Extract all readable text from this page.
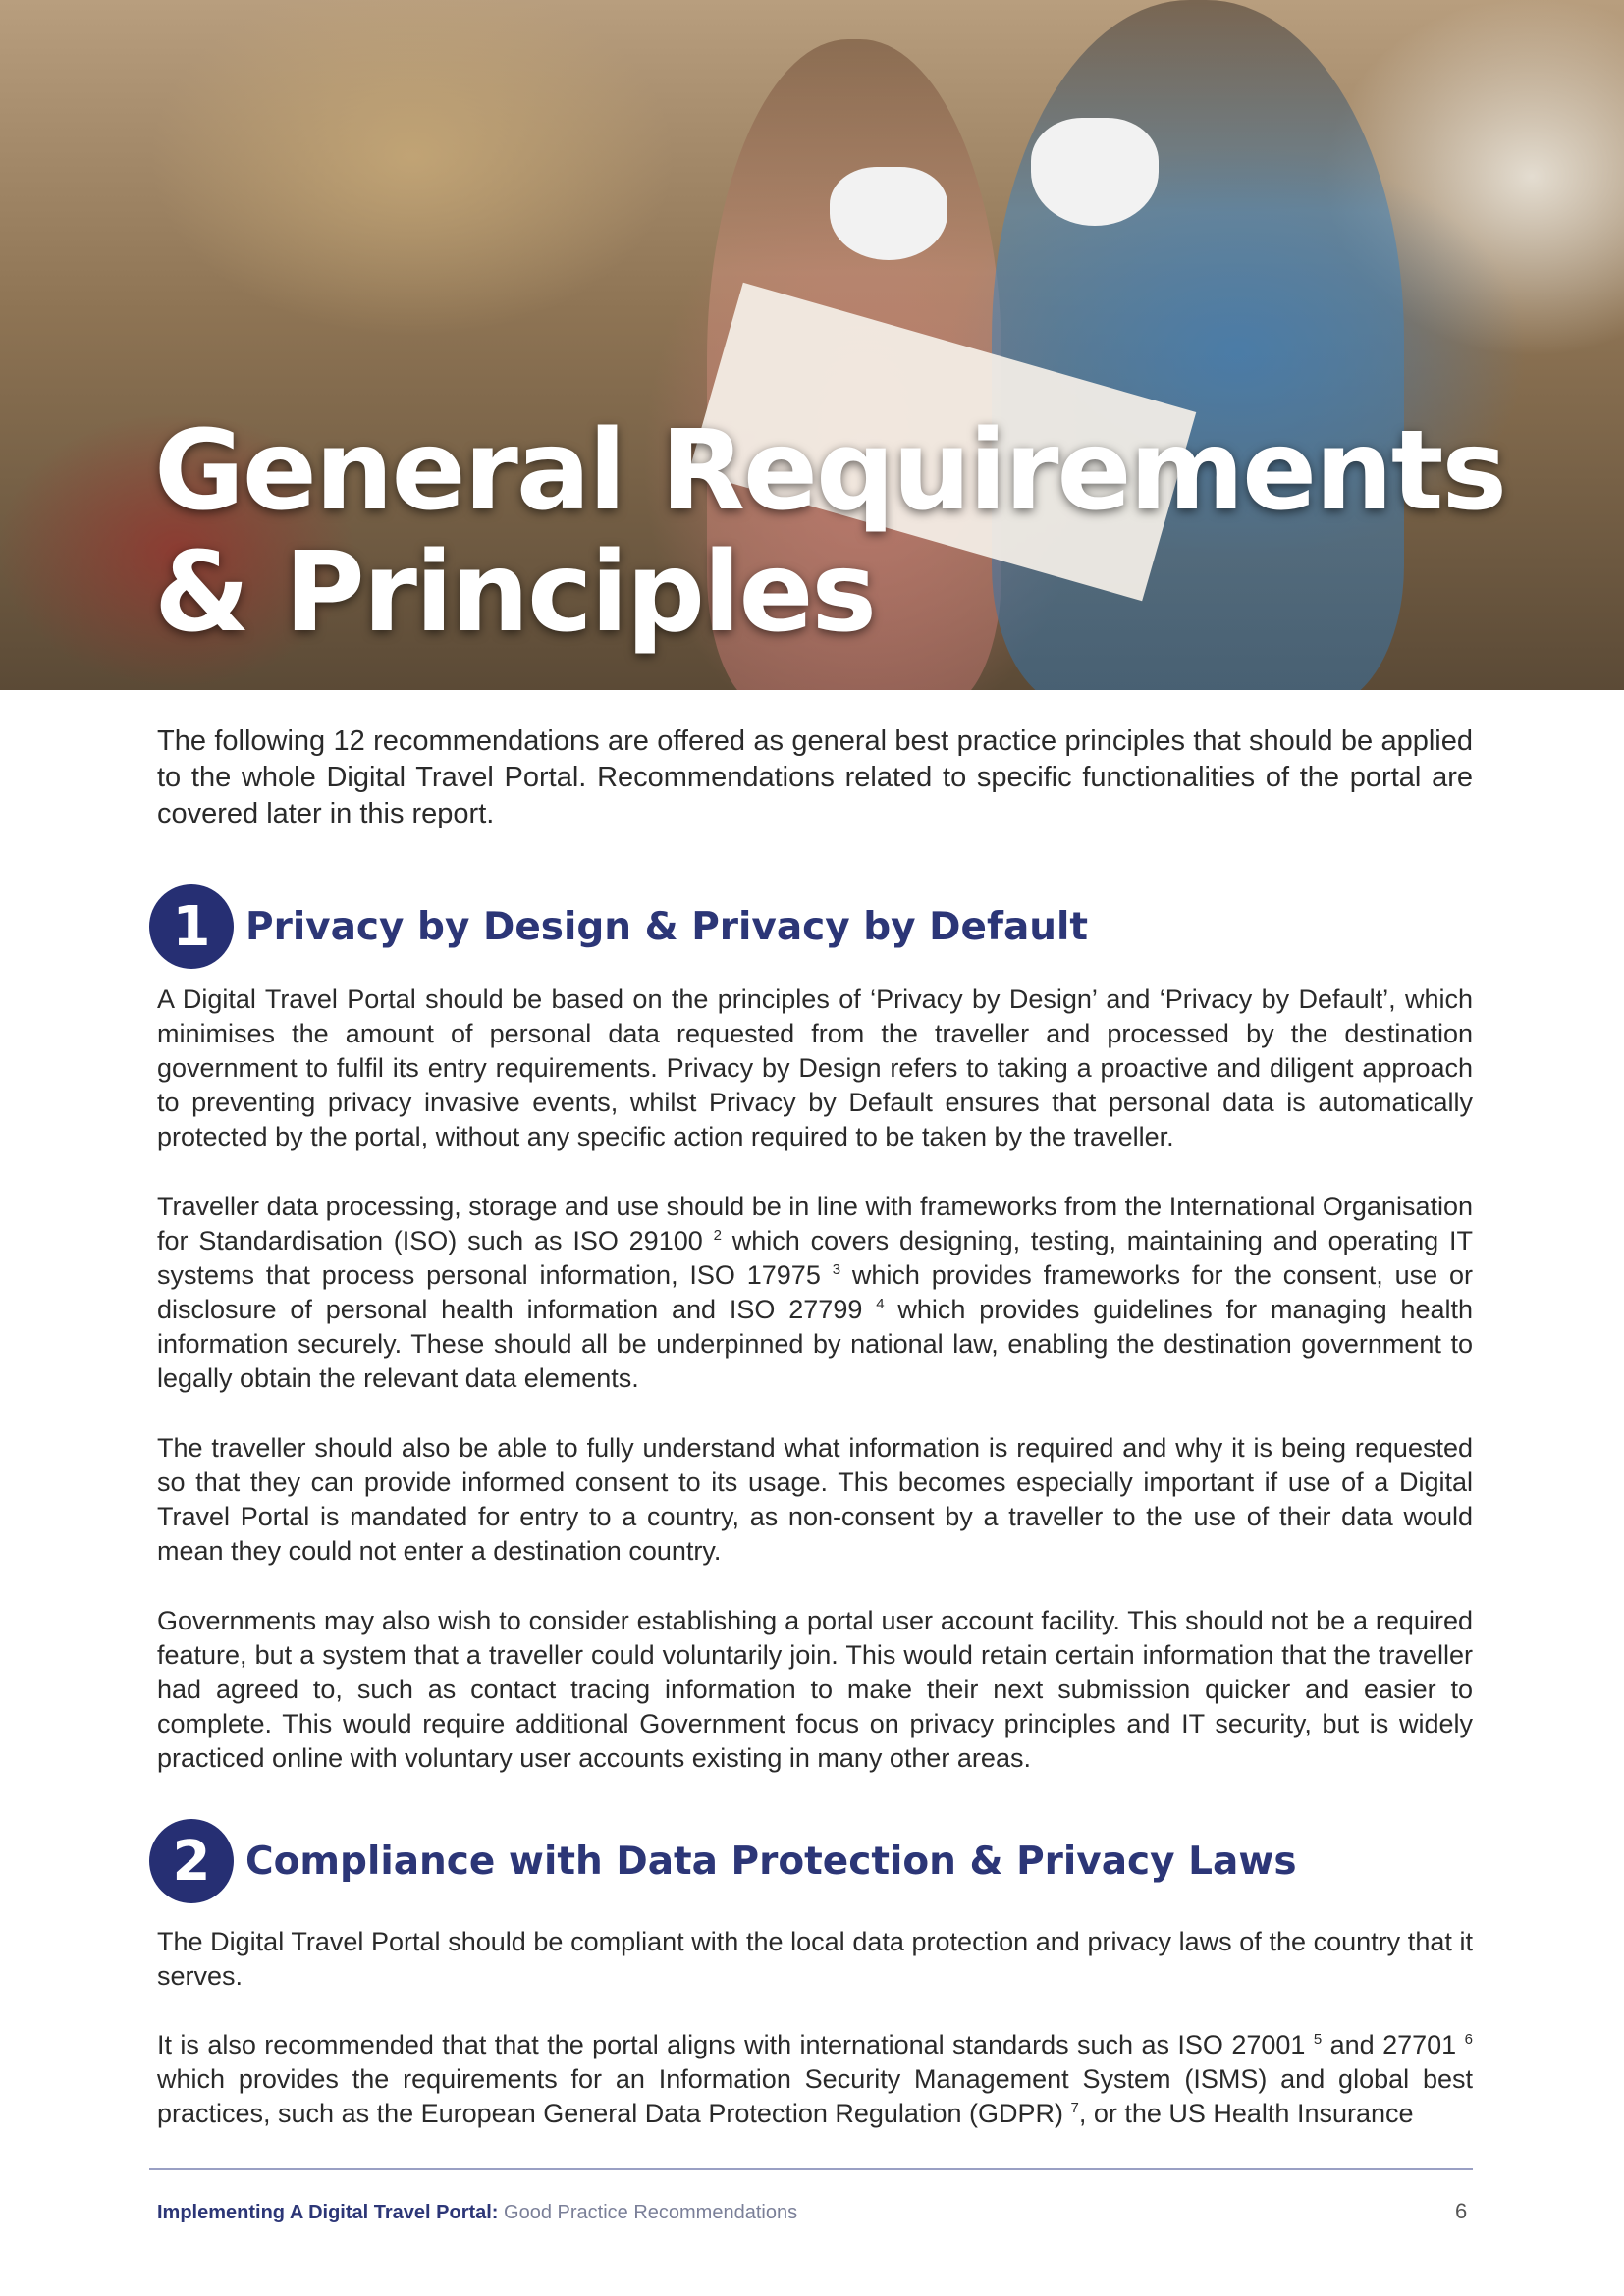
General Requirements
& Principles

The following 12 recommendations are offered as general best practice principles that should be applied to the whole Digital Travel Portal. Recommendations related to specific functionalities of the portal are covered later in this report.

1 Privacy by Design & Privacy by Default

A Digital Travel Portal should be based on the principles of ‘Privacy by Design’ and ‘Privacy by Default’, which minimises the amount of personal data requested from the traveller and processed by the destination government to fulfil its entry requirements. Privacy by Design refers to taking a proactive and diligent approach to preventing privacy invasive events, whilst Privacy by Default ensures that personal data is automatically protected by the portal, without any specific action required to be taken by the traveller.

Traveller data processing, storage and use should be in line with frameworks from the International Organisation for Standardisation (ISO) such as ISO 29100 $^2$ which covers designing, testing, maintaining and operating IT systems that process personal information, ISO 17975 $^3$ which provides frameworks for the consent, use or disclosure of personal health information and ISO 27799 $^4$ which provides guidelines for managing health information securely. These should all be underpinned by national law, enabling the destination government to legally obtain the relevant data elements.

The traveller should also be able to fully understand what information is required and why it is being requested so that they can provide informed consent to its usage. This becomes especially important if use of a Digital Travel Portal is mandated for entry to a country, as non-consent by a traveller to the use of their data would mean they could not enter a destination country.

Governments may also wish to consider establishing a portal user account facility. This should not be a required feature, but a system that a traveller could voluntarily join. This would retain certain information that the traveller had agreed to, such as contact tracing information to make their next submission quicker and easier to complete. This would require additional Government focus on privacy principles and IT security, but is widely practiced online with voluntary user accounts existing in many other areas.

2 Compliance with Data Protection & Privacy Laws

The Digital Travel Portal should be compliant with the local data protection and privacy laws of the country that it serves.

It is also recommended that that the portal aligns with international standards such as ISO 27001 $^5$ and 27701 $^6$ which provides the requirements for an Information Security Management System (ISMS) and global best practices, such as the European General Data Protection Regulation (GDPR) $^7$, or the US Health Insurance

Implementing A Digital Travel Portal: Good Practice Recommendations	6
